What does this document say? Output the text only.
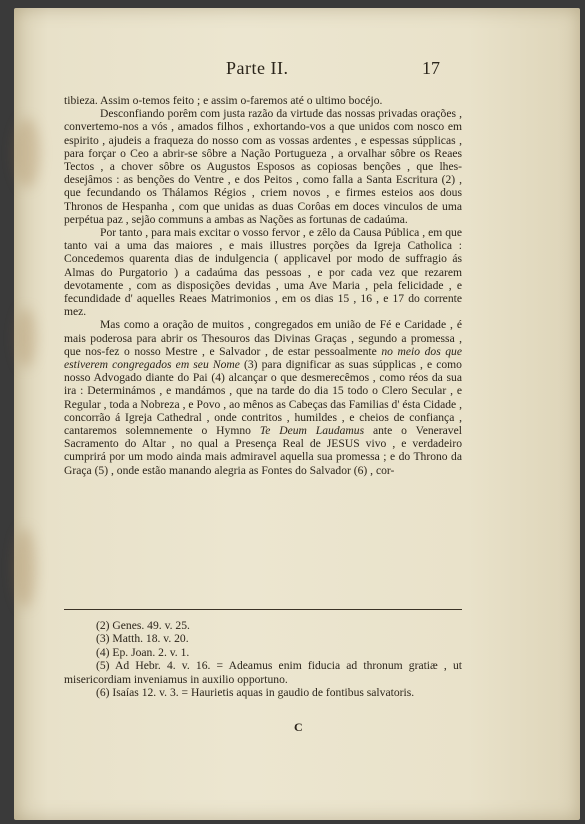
Parte II.	17

tibieza. Assim o-temos feito ; e assim o-faremos até o ultimo bocéjo.

Desconfiando porêm com justa razão da virtude das nossas privadas orações , convertemo-nos a vós , amados filhos , exhortando-vos a que unidos com nosco em espirito , ajudeis a fraqueza do nosso com as vossas ardentes , e espessas súpplicas , para forçar o Ceo a abrir-se sôbre a Nação Portugueza , a orvalhar sôbre os Reaes Tectos , a chover sôbre os Augustos Esposos as copiosas benções , que lhes-desejâmos : as benções do Ventre , e dos Peitos , como falla a Santa Escritura (2) , que fecundando os Thálamos Régios , criem novos , e firmes esteios aos dous Thronos de Hespanha , com que unidas as duas Corôas em doces vinculos de uma perpétua paz , sejão communs a ambas as Nações as fortunas de cadaúma.

Por tanto , para mais excitar o vosso fervor , e zêlo da Causa Pública , em que tanto vai a uma das maiores , e mais illustres porções da Igreja Catholica : Concedemos quarenta dias de indulgencia ( applicavel por modo de suffragio ás Almas do Purgatorio ) a cadaúma das pessoas , e por cada vez que rezarem devotamente , com as disposições devidas , uma Ave Maria , pela felicidade , e fecundidade d' aquelles Reaes Matrimonios , em os dias 15 , 16 , e 17 do corrente mez.

Mas como a oração de muitos , congregados em união de Fé e Caridade , é mais poderosa para abrir os Thesouros das Divinas Graças , segundo a promessa , que nos-fez o nosso Mestre , e Salvador , de estar pessoalmente no meio dos que estiverem congregados em seu Nome (3) para dignificar as suas súpplicas , e como nosso Advogado diante do Pai (4) alcançar o que desmerecêmos , como réos da sua ira : Determinámos , e mandámos , que na tarde do dia 15 todo o Clero Secular , e Regular , toda a Nobreza , e Povo , ao mênos as Cabeças das Familias d' ésta Cidade , concorrão á Igreja Cathedral , onde contritos , humildes , e cheios de confiança , cantaremos solemnemente o Hymno Te Deum Laudamus ante o Veneravel Sacramento do Altar , no qual a Presença Real de JESUS vivo , e verdadeiro cumprirá por um modo ainda mais admiravel aquella sua promessa ; e do Throno da Graça (5) , onde estão manando alegria as Fontes do Salvador (6) , cor-

(2) Genes. 49. v. 25.

(3) Matth. 18. v. 20.

(4) Ep. Joan. 2. v. 1.

(5) Ad Hebr. 4. v. 16. = Adeamus enim fiducia ad thronum gratiæ , ut misericordiam inveniamus in auxilio opportuno.

(6) Isaías 12. v. 3. = Haurietis aquas in gaudio de fontibus salvatoris.

C
